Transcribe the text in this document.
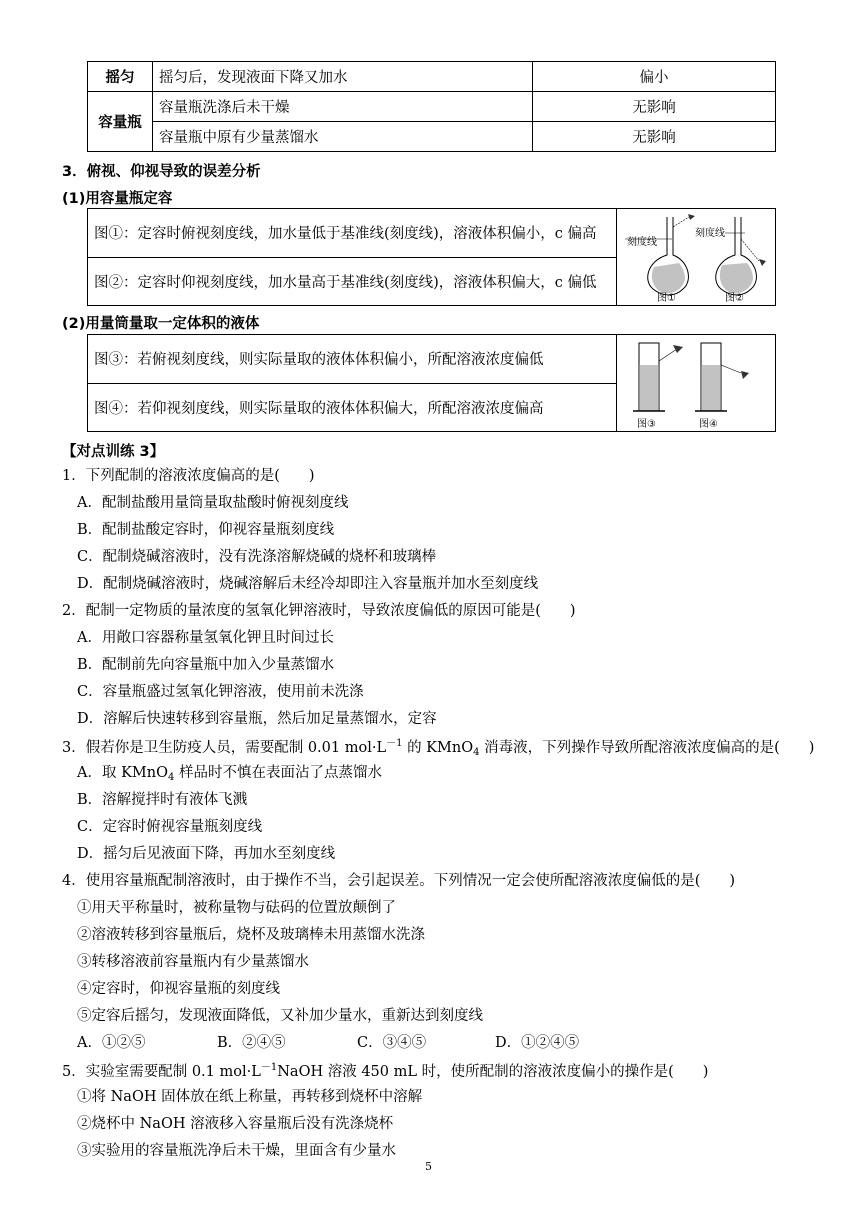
摇匀	摇匀后，发现液面下降又加水	偏小
容量瓶	容量瓶洗涤后未干燥	无影响
	容量瓶中原有少量蒸馏水	无影响
3．俯视、仰视导致的误差分析
(1)用容量瓶定容
图①：定容时俯视刻度线，加水量低于基准线(刻度线)，溶液体积偏小，c 偏高	
刻度线
刻度线
图①	图②

图②：定容时仰视刻度线，加水量高于基准线(刻度线)，溶液体积偏大，c 偏低
(2)用量筒量取一定体积的液体
图③：若俯视刻度线，则实际量取的液体体积偏小，所配溶液浓度偏低	
图③	图④

图④：若仰视刻度线，则实际量取的液体体积偏大，所配溶液浓度偏高
【对点训练 3】
1．下列配制的溶液浓度偏高的是(　　)
A．配制盐酸用量筒量取盐酸时俯视刻度线
B．配制盐酸定容时，仰视容量瓶刻度线
C．配制烧碱溶液时，没有洗涤溶解烧碱的烧杯和玻璃棒
D．配制烧碱溶液时，烧碱溶解后未经冷却即注入容量瓶并加水至刻度线
2．配制一定物质的量浓度的氢氧化钾溶液时，导致浓度偏低的原因可能是(　　)
A．用敞口容器称量氢氧化钾且时间过长
B．配制前先向容量瓶中加入少量蒸馏水
C．容量瓶盛过氢氧化钾溶液，使用前未洗涤
D．溶解后快速转移到容量瓶，然后加足量蒸馏水，定容
3．假若你是卫生防疫人员，需要配制 0.01 $mol\cdot L^{-1}$ 的 KMnO$_4$ 消毒液，下列操作导致所配溶液浓度偏高的是(　　)
A．取 KMnO$_4$ 样品时不慎在表面沾了点蒸馏水
B．溶解搅拌时有液体飞溅
C．定容时俯视容量瓶刻度线
D．摇匀后见液面下降，再加水至刻度线
4．使用容量瓶配制溶液时，由于操作不当，会引起误差。下列情况一定会使所配溶液浓度偏低的是(　　)
①用天平称量时，被称量物与砝码的位置放颠倒了
②溶液转移到容量瓶后，烧杯及玻璃棒未用蒸馏水洗涤
③转移溶液前容量瓶内有少量蒸馏水
④定容时，仰视容量瓶的刻度线
⑤定容后摇匀，发现液面降低，又补加少量水，重新达到刻度线
A．①②⑤	B．②④⑤	C．③④⑤	D．①②④⑤
5．实验室需要配制 0.1 $mol\cdot L^{-1}NaOH$ 溶液 450 mL 时，使所配制的溶液浓度偏小的操作是(　　)
①将 NaOH 固体放在纸上称量，再转移到烧杯中溶解
②烧杯中 NaOH 溶液移入容量瓶后没有洗涤烧杯
③实验用的容量瓶洗净后未干燥，里面含有少量水
5
